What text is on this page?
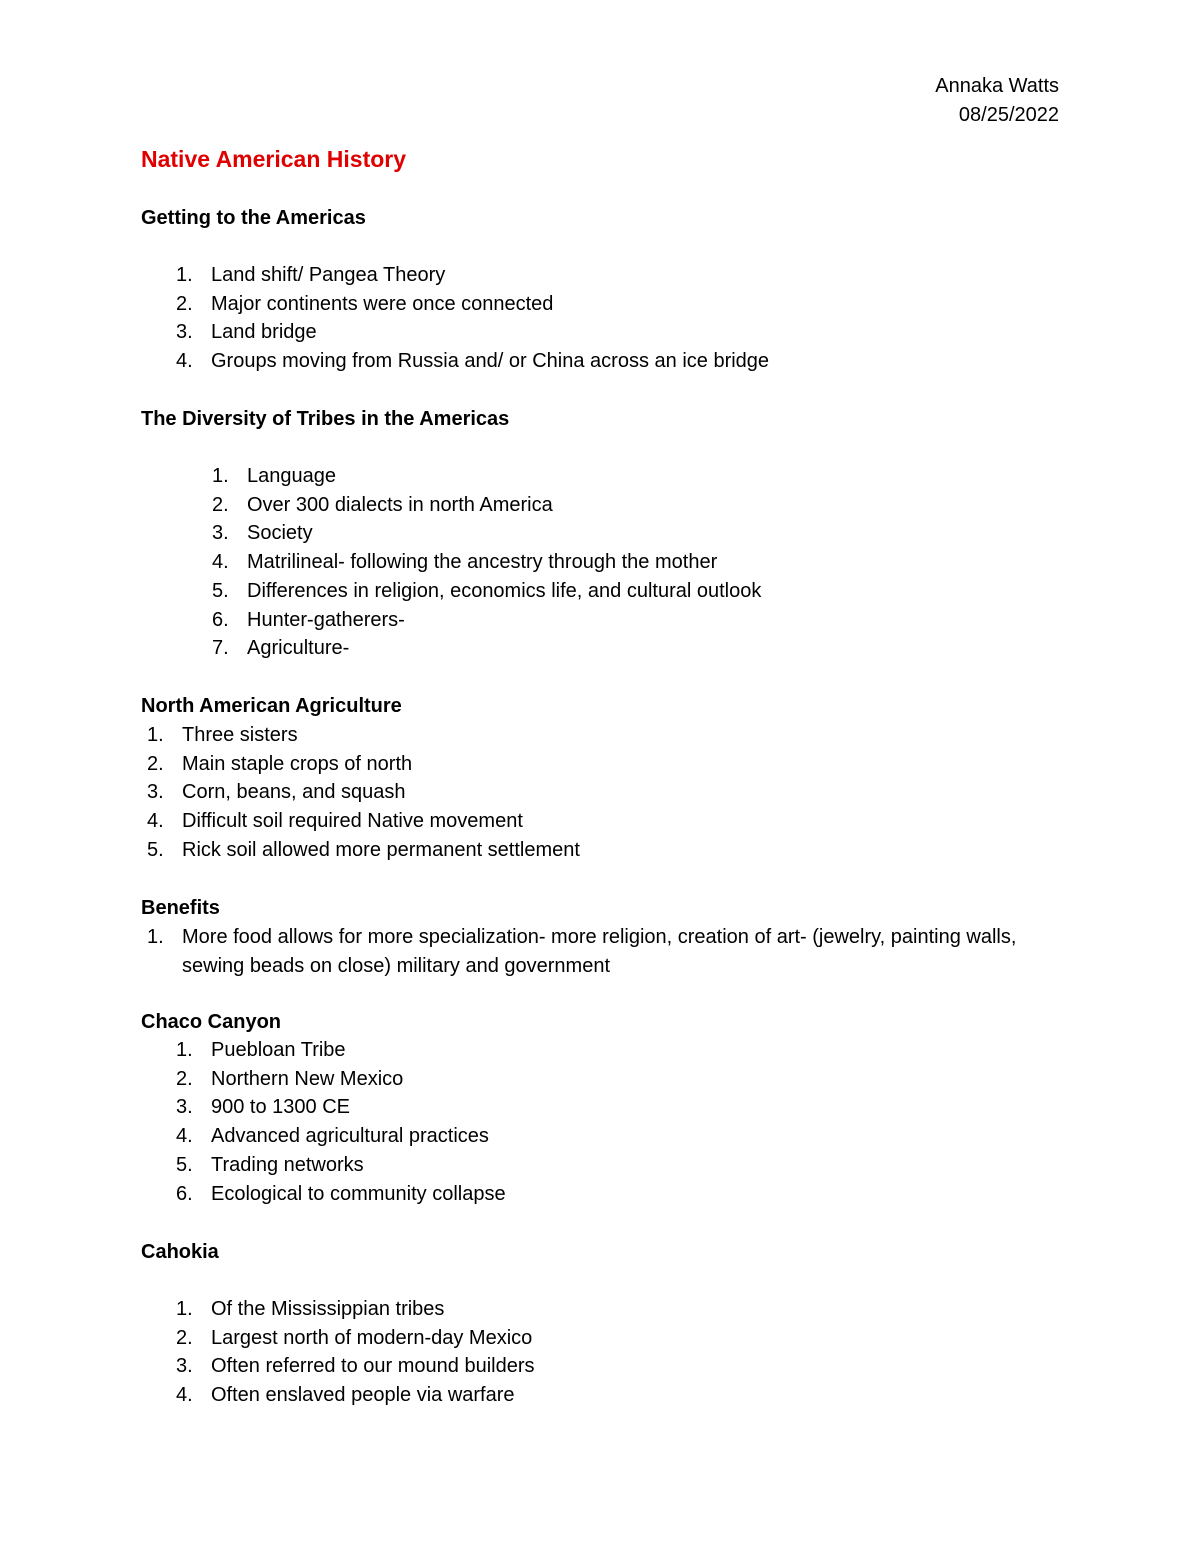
Annaka Watts
08/25/2022
Native American History
Getting to the Americas
1. Land shift/ Pangea Theory
2. Major continents were once connected
3. Land bridge
4. Groups moving from Russia and/ or China across an ice bridge
The Diversity of Tribes in the Americas
1. Language
2. Over 300 dialects in north America
3. Society
4. Matrilineal- following the ancestry through the mother
5. Differences in religion, economics life, and cultural outlook
6. Hunter-gatherers-
7. Agriculture-
North American Agriculture
1. Three sisters
2. Main staple crops of north
3. Corn, beans, and squash
4. Difficult soil required Native movement
5. Rick soil allowed more permanent settlement
Benefits
1. More food allows for more specialization- more religion, creation of art- (jewelry, painting walls, sewing beads on close) military and government
Chaco Canyon
1. Puebloan Tribe
2. Northern New Mexico
3. 900 to 1300 CE
4. Advanced agricultural practices
5. Trading networks
6. Ecological to community collapse
Cahokia
1. Of the Mississippian tribes
2. Largest north of modern-day Mexico
3. Often referred to our mound builders
4. Often enslaved people via warfare
